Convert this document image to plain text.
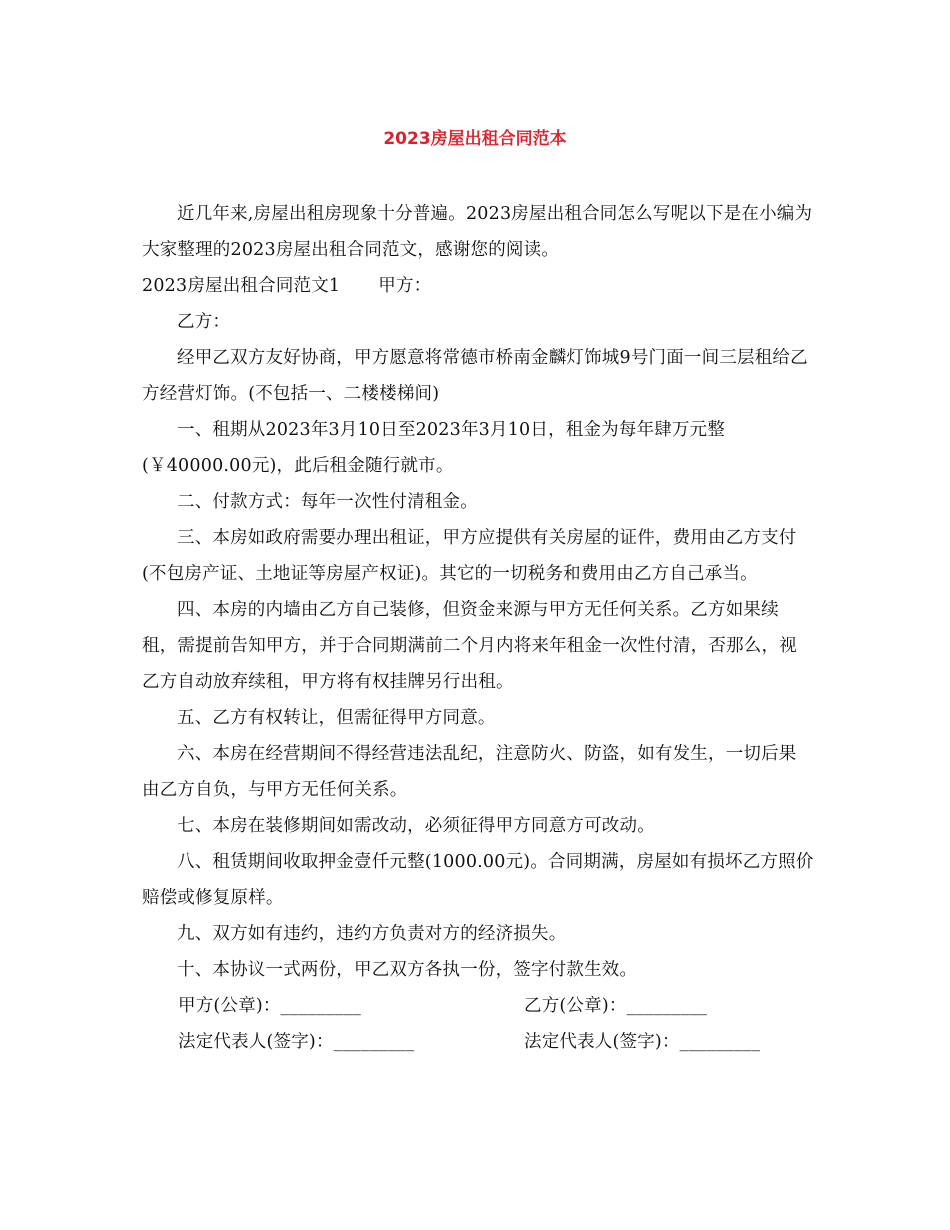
2023房屋出租合同范本

近几年来,房屋出租房现象十分普遍。2023房屋出租合同怎么写呢以下是在小编为大家整理的2023房屋出租合同范文，感谢您的阅读。

2023房屋出租合同范文1 甲方：

乙方：

经甲乙双方友好协商，甲方愿意将常德市桥南金麟灯饰城9号门面一间三层租给乙方经营灯饰。(不包括一、二楼楼梯间)

一、租期从2023年3月10日至2023年3月10日，租金为每年肆万元整(￥40000.00元)，此后租金随行就市。

二、付款方式：每年一次性付清租金。

三、本房如政府需要办理出租证，甲方应提供有关房屋的证件，费用由乙方支付(不包房产证、土地证等房屋产权证)。其它的一切税务和费用由乙方自己承当。

四、本房的内墙由乙方自己装修，但资金来源与甲方无任何关系。乙方如果续租，需提前告知甲方，并于合同期满前二个月内将来年租金一次性付清，否那么，视乙方自动放弃续租，甲方将有权挂牌另行出租。

五、乙方有权转让，但需征得甲方同意。

六、本房在经营期间不得经营违法乱纪，注意防火、防盗，如有发生，一切后果由乙方自负，与甲方无任何关系。

七、本房在装修期间如需改动，必须征得甲方同意方可改动。

八、租赁期间收取押金壹仟元整(1000.00元)。合同期满，房屋如有损坏乙方照价赔偿或修复原样。

九、双方如有违约，违约方负责对方的经济损失。

十、本协议一式两份，甲乙双方各执一份，签字付款生效。

甲方(公章)：_________	乙方(公章)：_________
法定代表人(签字)：_________	法定代表人(签字)：_________
